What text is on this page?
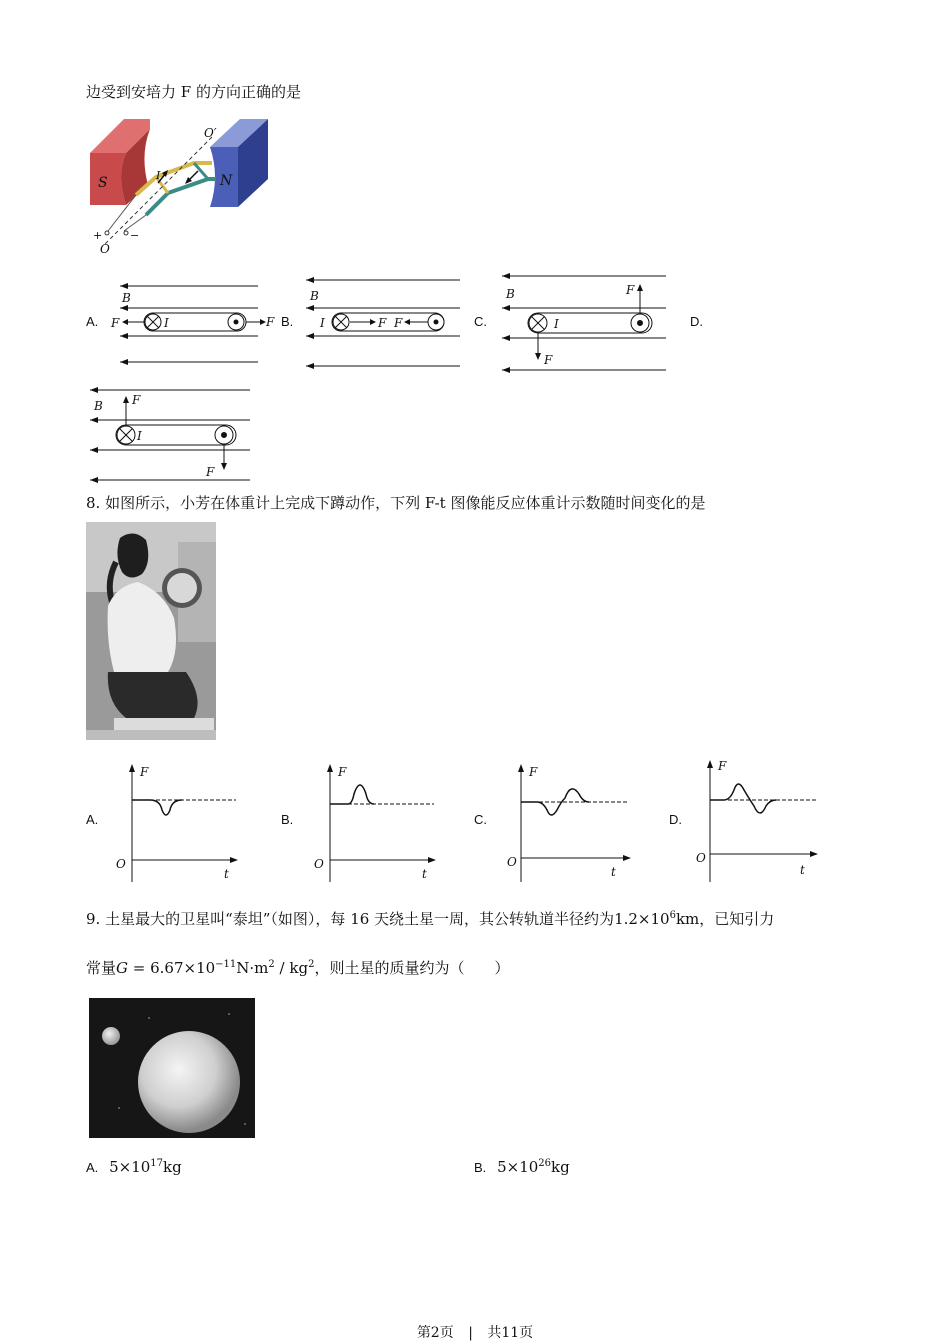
边受到安培力 F 的方向正确的是
S	N
O′
O
+	−
I
A.	B.	C.	D.
B
I
F	F
B
I	F F
B
I
F
F
B
I
F
F
8. 如图所示，小芳在体重计上完成下蹲动作，下列 F-t 图像能反应体重计示数随时间变化的是
A.	B.	C.	D.
F
t
O
F
t
O
F
t
O
F
t
O
9. 土星最大的卫星叫“泰坦”（如图），每 16 天绕土星一周，其公转轨道半径约为$1.2\times 10^6km$，已知引力
常量$G = 6.67\times 10^{-11}N\cdot m^2 / kg^2$，则土星的质量约为（　　）
A. $5\times 10^{17}kg$	B. $5\times 10^{26}kg$
第2页 | 共11页
